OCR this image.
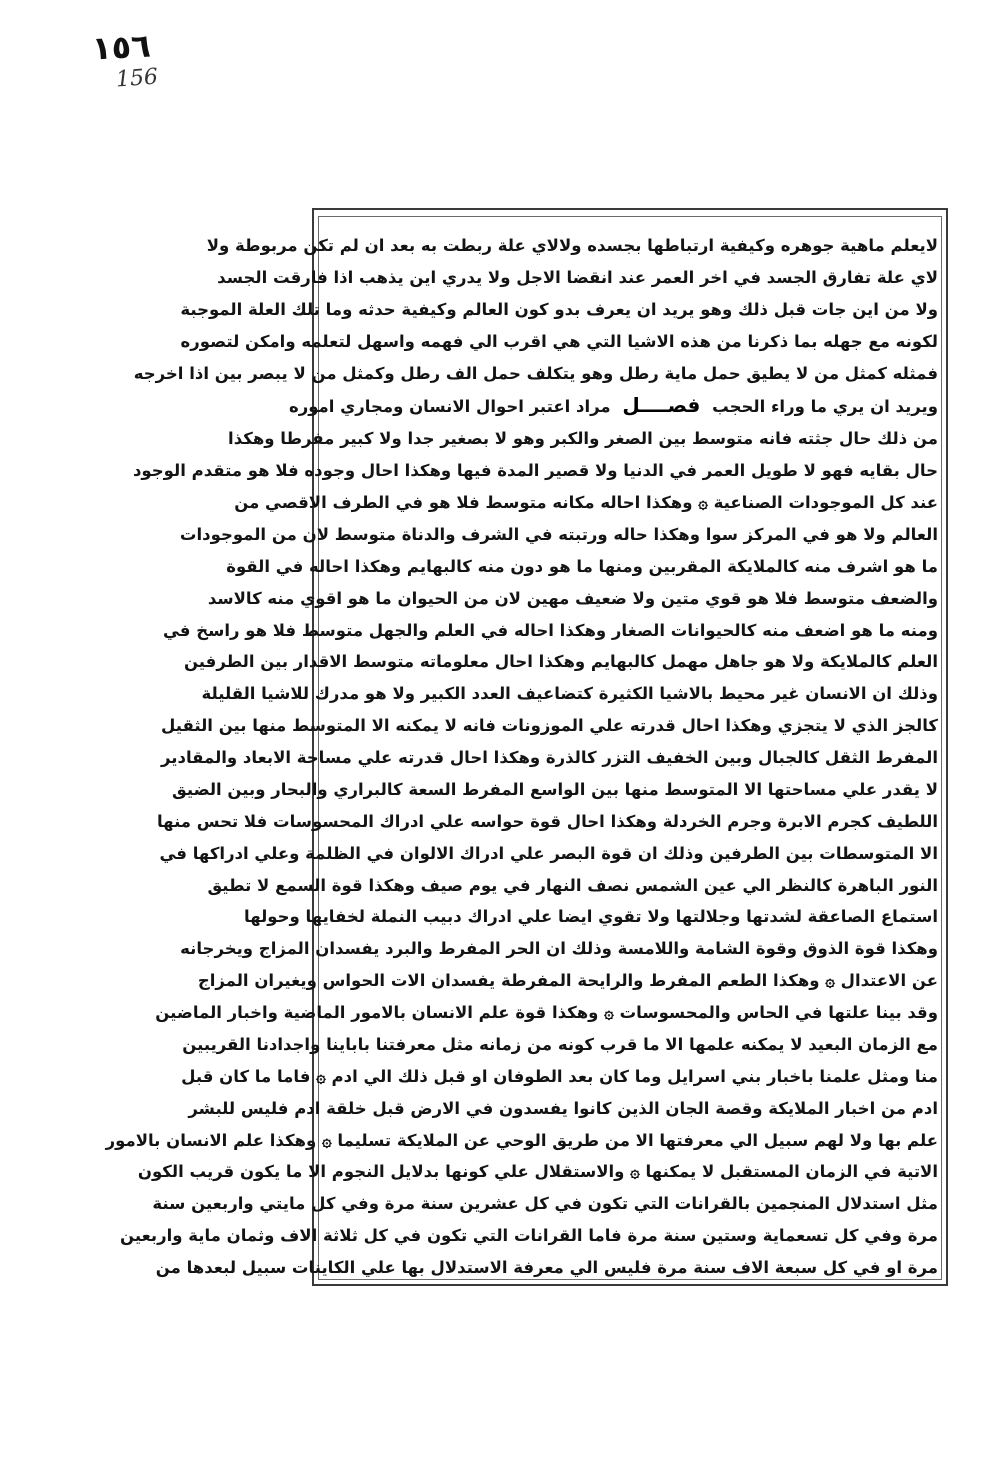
١٥٦
156
لايعلم ماهية جوهره وكيفية ارتباطها بجسده ولالاي علة ربطت به بعد ان لم تكن مربوطة ولا
لاي علة تفارق الجسد في اخر العمر عند انقضا الاجل ولا يدري اين يذهب اذا فارقت الجسد
ولا من اين جات قبل ذلك وهو يريد ان يعرف بدو كون العالم وكيفية حدثه وما تلك العلة الموجبة
لكونه مع جهله بما ذكرنا من هذه الاشيا التي هي اقرب الي فهمه واسهل لتعلمه وامكن لتصوره
فمثله كمثل من لا يطيق حمل ماية رطل وهو يتكلف حمل الف رطل وكمثل من لا يبصر بين اذا اخرجه
ويريد ان يري ما وراء الحجب فصــــل مراد اعتبر احوال الانسان ومجاري اموره
من ذلك حال جثته فانه متوسط بين الصغر والكبر وهو لا بصغير جدا ولا كبير مفرطا وهكذا
حال بقايه فهو لا طويل العمر في الدنيا ولا قصير المدة فيها وهكذا احال وجوده فلا هو متقدم الوجود
عند كل الموجودات الصناعية ۞ وهكذا احاله مكانه متوسط فلا هو في الطرف الاقصي من
العالم ولا هو في المركز سوا وهكذا حاله ورتبته في الشرف والدناة متوسط لان من الموجودات
ما هو اشرف منه كالملايكة المقربين ومنها ما هو دون منه كالبهايم وهكذا احاله في القوة
والضعف متوسط فلا هو قوي متين ولا ضعيف مهين لان من الحيوان ما هو اقوي منه كالاسد
ومنه ما هو اضعف منه كالحيوانات الصغار وهكذا احاله في العلم والجهل متوسط فلا هو راسخ في
العلم كالملايكة ولا هو جاهل مهمل كالبهايم وهكذا احال معلوماته متوسط الاقدار بين الطرفين
وذلك ان الانسان غير محيط بالاشيا الكثيرة كتضاعيف العدد الكبير ولا هو مدرك للاشيا القليلة
كالجز الذي لا يتجزي وهكذا احال قدرته علي الموزونات فانه لا يمكنه الا المتوسط منها بين الثقيل
المفرط الثقل كالجبال وبين الخفيف التزر كالذرة وهكذا احال قدرته علي مساحة الابعاد والمقادير
لا يقدر علي مساحتها الا المتوسط منها بين الواسع المفرط السعة كالبراري والبحار وبين الضيق
اللطيف كجرم الابرة وجرم الخردلة وهكذا احال قوة حواسه علي ادراك المحسوسات فلا تحس منها
الا المتوسطات بين الطرفين وذلك ان قوة البصر علي ادراك الالوان في الظلمة وعلي ادراكها في
النور الباهرة كالنظر الي عين الشمس نصف النهار في يوم صيف وهكذا قوة السمع لا تطيق
استماع الصاعقة لشدتها وجلالتها ولا تقوي ايضا علي ادراك دبيب النملة لخفايها وحولها
وهكذا قوة الذوق وقوة الشامة واللامسة وذلك ان الحر المفرط والبرد يفسدان المزاج ويخرجانه
عن الاعتدال ۞ وهكذا الطعم المفرط والرايحة المفرطة يفسدان الات الحواس ويغيران المزاج
وقد بينا علتها في الحاس والمحسوسات ۞ وهكذا قوة علم الانسان بالامور الماضية واخبار الماضين
مع الزمان البعيد لا يمكنه علمها الا ما قرب كونه من زمانه مثل معرفتنا باباينا واجدادنا القريبين
منا ومثل علمنا باخبار بني اسرايل وما كان بعد الطوفان او قبل ذلك الي ادم ۞ فاما ما كان قبل
ادم من اخبار الملايكة وقصة الجان الذين كانوا يفسدون في الارض قبل خلقة ادم فليس للبشر
علم بها ولا لهم سبيل الي معرفتها الا من طريق الوحي عن الملايكة تسليما ۞ وهكذا علم الانسان بالامور
الاتية في الزمان المستقبل لا يمكنها ۞ والاستقلال علي كونها بدلايل النجوم الا ما يكون قريب الكون
مثل استدلال المنجمين بالقرانات التي تكون في كل عشرين سنة مرة وفي كل مايتي واربعين سنة
مرة وفي كل تسعماية وستين سنة مرة فاما القرانات التي تكون في كل ثلاثة الاف وثمان ماية واربعين
مرة او في كل سبعة الاف سنة مرة فليس الي معرفة الاستدلال بها علي الكاينات سبيل لبعدها من
